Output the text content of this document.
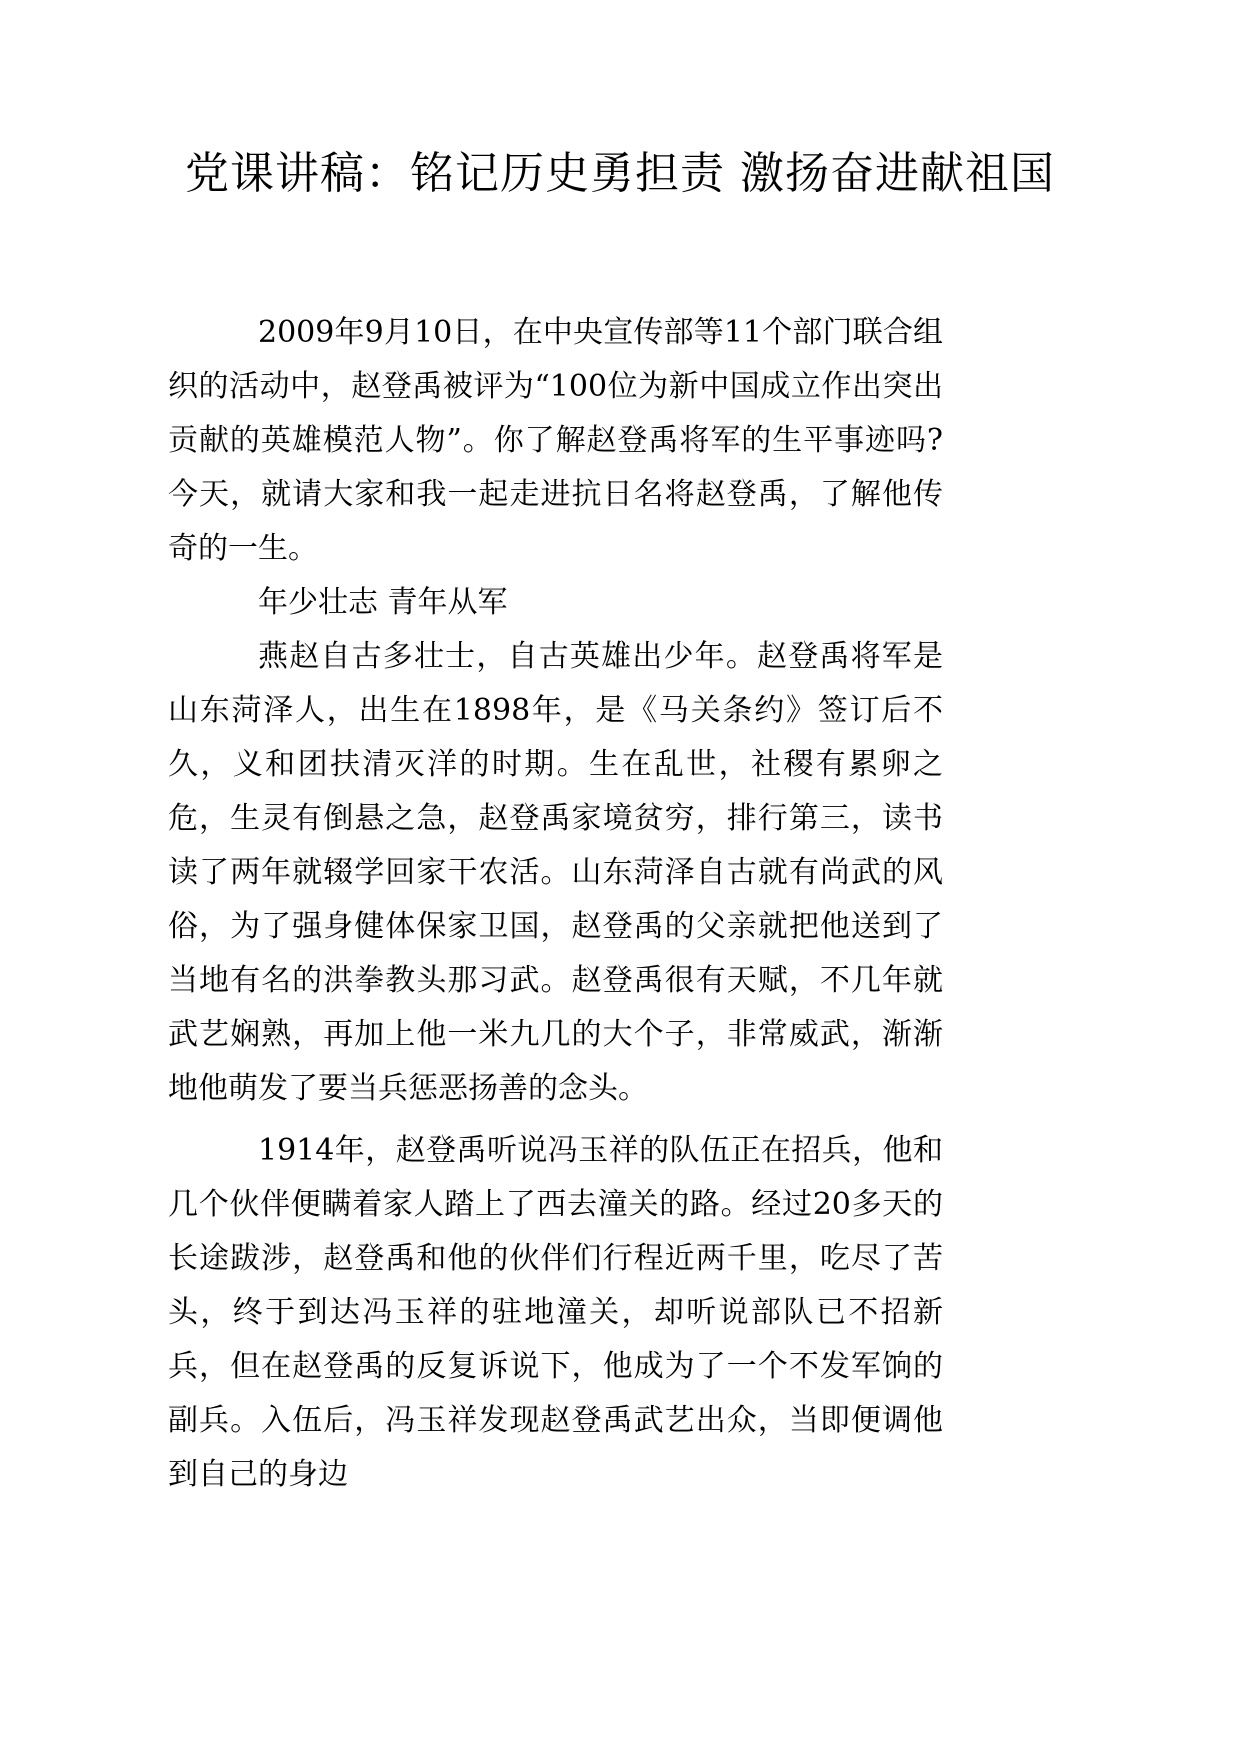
党课讲稿：铭记历史勇担责 激扬奋进献祖国

2009年9月10日，在中央宣传部等11个部门联合组织的活动中，赵登禹被评为“100位为新中国成立作出突出贡献的英雄模范人物”。你了解赵登禹将军的生平事迹吗?今天，就请大家和我一起走进抗日名将赵登禹，了解他传奇的一生。

年少壮志 青年从军

燕赵自古多壮士，自古英雄出少年。赵登禹将军是山东菏泽人，出生在1898年，是《马关条约》签订后不久，义和团扶清灭洋的时期。生在乱世，社稷有累卵之危，生灵有倒悬之急，赵登禹家境贫穷，排行第三，读书读了两年就辍学回家干农活。山东菏泽自古就有尚武的风俗，为了强身健体保家卫国，赵登禹的父亲就把他送到了当地有名的洪拳教头那习武。赵登禹很有天赋，不几年就武艺娴熟，再加上他一米九几的大个子，非常威武，渐渐地他萌发了要当兵惩恶扬善的念头。

1914年，赵登禹听说冯玉祥的队伍正在招兵，他和几个伙伴便瞒着家人踏上了西去潼关的路。经过20多天的长途跋涉，赵登禹和他的伙伴们行程近两千里，吃尽了苦头，终于到达冯玉祥的驻地潼关，却听说部队已不招新兵，但在赵登禹的反复诉说下，他成为了一个不发军饷的副兵。入伍后，冯玉祥发现赵登禹武艺出众，当即便调他到自己的身边
